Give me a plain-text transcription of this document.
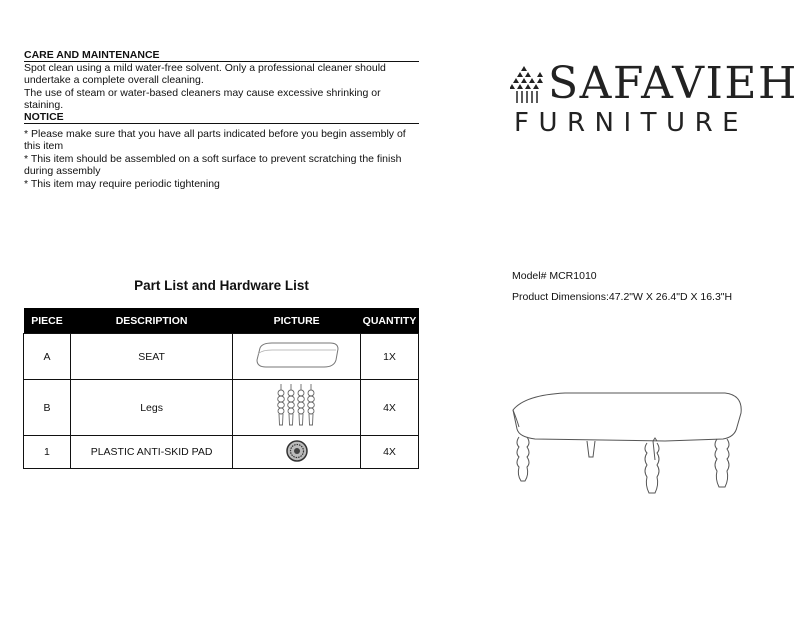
CARE AND MAINTENANCE

Spot clean using a mild water-free solvent. Only a professional cleaner should undertake a complete overall cleaning.

The use of steam or water-based cleaners may cause excessive shrinking or staining.

NOTICE

* Please make sure that you have all parts indicated before you begin assembly of this item

* This item should be assembled on a soft surface to prevent scratching the finish during assembly

* This item may require periodic tightening

SAFAVIEH
FURNITURE
Model# MCR1010
Product Dimensions:47.2"W X 26.4"D X 16.3"H
Part List and Hardware List
PIECE	DESCRIPTION	PICTURE	QUANTITY
A	SEAT		1X
B	Legs		4X
1	PLASTIC ANTI-SKID PAD		4X
